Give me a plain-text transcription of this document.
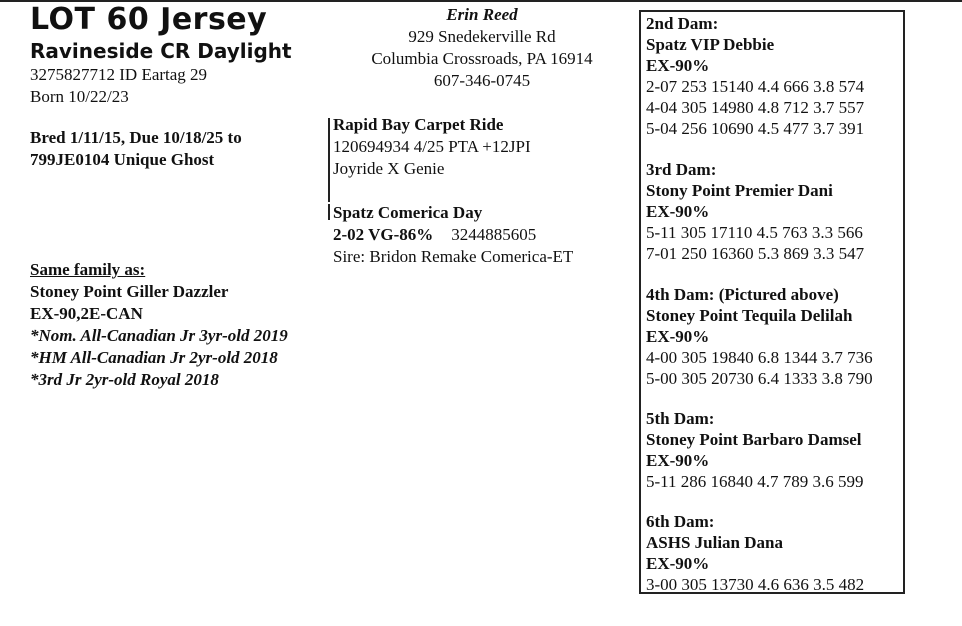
LOT 60 Jersey
Ravineside CR Daylight
3275827712 ID Eartag 29
Born 10/22/23
Bred 1/11/15, Due 10/18/25 to
799JE0104 Unique Ghost
Same family as:
Stoney Point Giller Dazzler
EX-90,2E-CAN
*Nom. All-Canadian Jr 3yr-old 2019
*HM All-Canadian Jr 2yr-old 2018
*3rd Jr 2yr-old Royal 2018
Erin Reed
929 Snedekerville Rd
Columbia Crossroads, PA 16914
607-346-0745
Rapid Bay Carpet Ride
120694934 4/25 PTA +12JPI
Joyride X Genie
Spatz Comerica Day
2-02 VG-86% 3244885605
Sire: Bridon Remake Comerica-ET
2nd Dam:
Spatz VIP Debbie
EX-90%
2-07 253 15140 4.4 666 3.8 574
4-04 305 14980 4.8 712 3.7 557
5-04 256 10690 4.5 477 3.7 391
3rd Dam:
Stony Point Premier Dani
EX-90%
5-11 305 17110 4.5 763 3.3 566
7-01 250 16360 5.3 869 3.3 547
4th Dam: (Pictured above)
Stoney Point Tequila Delilah
EX-90%
4-00 305 19840 6.8 1344 3.7 736
5-00 305 20730 6.4 1333 3.8 790
5th Dam:
Stoney Point Barbaro Damsel
EX-90%
5-11 286 16840 4.7 789 3.6 599
6th Dam:
ASHS Julian Dana
EX-90%
3-00 305 13730 4.6 636 3.5 482
